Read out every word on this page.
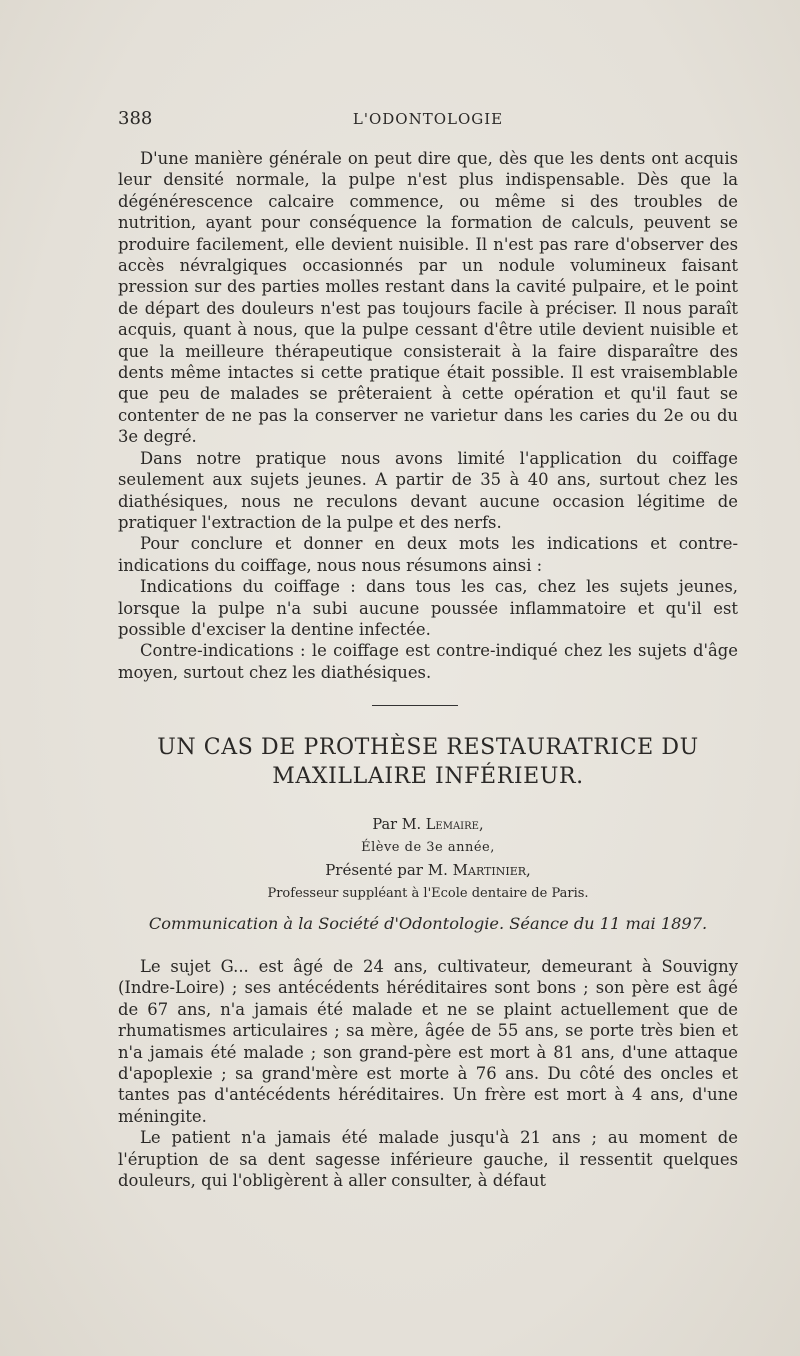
388	L'ODONTOLOGIE

D'une manière générale on peut dire que, dès que les dents ont acquis leur densité normale, la pulpe n'est plus indispensable. Dès que la dégénérescence calcaire commence, ou même si des troubles de nutrition, ayant pour conséquence la formation de calculs, peuvent se produire facilement, elle devient nuisible. Il n'est pas rare d'observer des accès névralgiques occasionnés par un nodule volumineux faisant pression sur des parties molles restant dans la cavité pulpaire, et le point de départ des douleurs n'est pas toujours facile à préciser. Il nous paraît acquis, quant à nous, que la pulpe cessant d'être utile devient nuisible et que la meilleure thérapeutique consisterait à la faire disparaître des dents même intactes si cette pratique était possible. Il est vraisemblable que peu de malades se prêteraient à cette opération et qu'il faut se contenter de ne pas la conserver ne varietur dans les caries du 2e ou du 3e degré.

Dans notre pratique nous avons limité l'application du coiffage seulement aux sujets jeunes. A partir de 35 à 40 ans, surtout chez les diathésiques, nous ne reculons devant aucune occasion légitime de pratiquer l'extraction de la pulpe et des nerfs.

Pour conclure et donner en deux mots les indications et contre-indications du coiffage, nous nous résumons ainsi :

Indications du coiffage : dans tous les cas, chez les sujets jeunes, lorsque la pulpe n'a subi aucune poussée inflammatoire et qu'il est possible d'exciser la dentine infectée.

Contre-indications : le coiffage est contre-indiqué chez les sujets d'âge moyen, surtout chez les diathésiques.

UN CAS DE PROTHÈSE RESTAURATRICE DU
MAXILLAIRE INFÉRIEUR.
Par M. Lemaire,
Élève de 3e année,
Présenté par M. Martinier,
Professeur suppléant à l'Ecole dentaire de Paris.
Communication à la Société d'Odontologie. Séance du 11 mai 1897.

Le sujet G... est âgé de 24 ans, cultivateur, demeurant à Souvigny (Indre-Loire) ; ses antécédents héréditaires sont bons ; son père est âgé de 67 ans, n'a jamais été malade et ne se plaint actuellement que de rhumatismes articulaires ; sa mère, âgée de 55 ans, se porte très bien et n'a jamais été malade ; son grand-père est mort à 81 ans, d'une attaque d'apoplexie ; sa grand'mère est morte à 76 ans. Du côté des oncles et tantes pas d'antécédents héréditaires. Un frère est mort à 4 ans, d'une méningite.

Le patient n'a jamais été malade jusqu'à 21 ans ; au moment de l'éruption de sa dent sagesse inférieure gauche, il ressentit quelques douleurs, qui l'obligèrent à aller consulter, à défaut
